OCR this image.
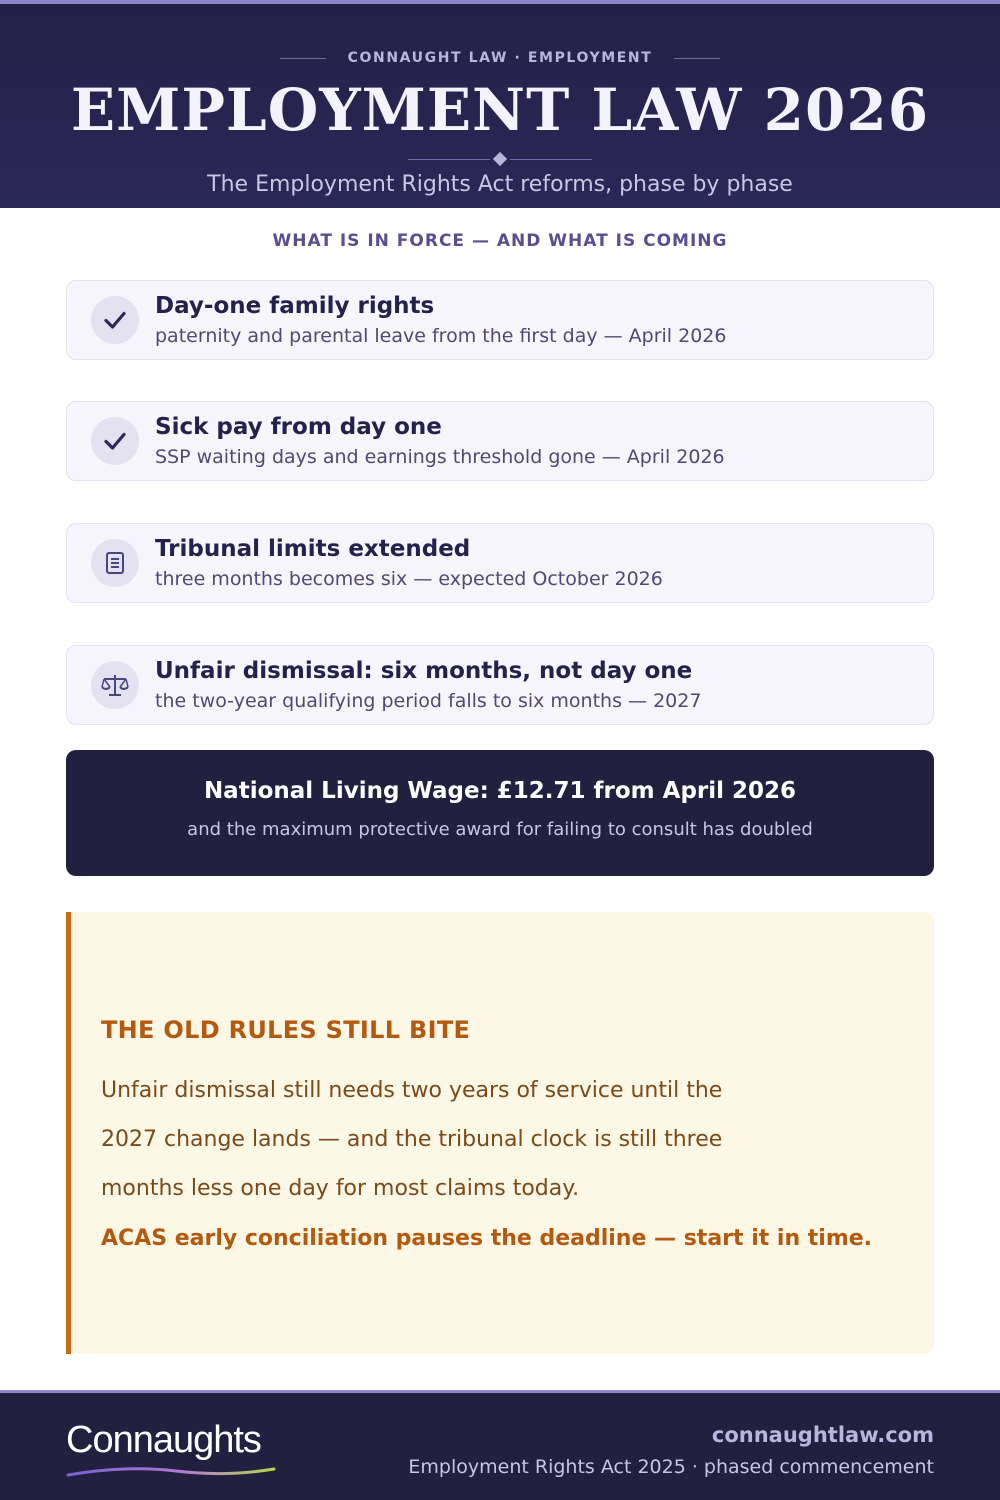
CONNAUGHT LAW · EMPLOYMENT
EMPLOYMENT LAW 2026
The Employment Rights Act reforms, phase by phase
WHAT IS IN FORCE — AND WHAT IS COMING
Day-one family rights
paternity and parental leave from the first day — April 2026
Sick pay from day one
SSP waiting days and earnings threshold gone — April 2026
Tribunal limits extended
three months becomes six — expected October 2026
Unfair dismissal: six months, not day one
the two-year qualifying period falls to six months — 2027
National Living Wage: £12.71 from April 2026
and the maximum protective award for failing to consult has doubled
THE OLD RULES STILL BITE
Unfair dismissal still needs two years of service until the 2027 change lands — and the tribunal clock is still three months less one day for most claims today.
ACAS early conciliation pauses the deadline — start it in time.
Connaughts	connaughtlaw.com
Employment Rights Act 2025 · phased commencement
